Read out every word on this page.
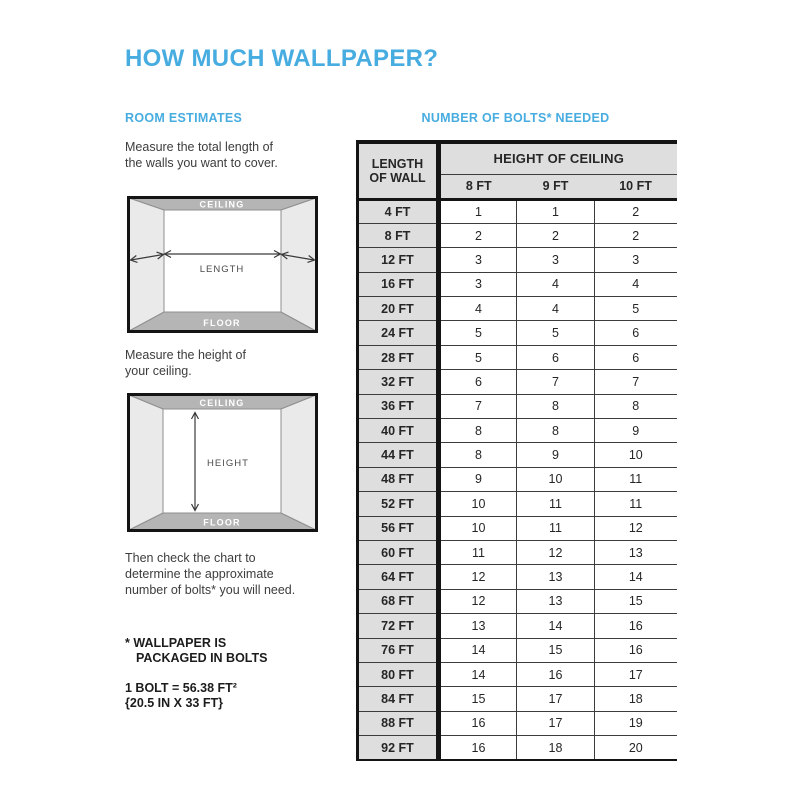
HOW MUCH WALLPAPER?
ROOM ESTIMATES	NUMBER OF BOLTS* NEEDED
Measure the total length of
the walls you want to cover.
CEILING
FLOOR
LENGTH
Measure the height of
your ceiling.
CEILING
FLOOR
HEIGHT
Then check the chart to
determine the approximate
number of bolts* you will need.
* WALLPAPER IS
PACKAGED IN BOLTS
1 BOLT = 56.38 FT²
{20.5 IN X 33 FT}
LENGTH
OF WALL	HEIGHT OF CEILING		
	8 FT	9 FT	10 FT
4 FT	1	1	2
8 FT	2	2	2
12 FT	3	3	3
16 FT	3	4	4
20 FT	4	4	5
24 FT	5	5	6
28 FT	5	6	6
32 FT	6	7	7
36 FT	7	8	8
40 FT	8	8	9
44 FT	8	9	10
48 FT	9	10	11
52 FT	10	11	11
56 FT	10	11	12
60 FT	11	12	13
64 FT	12	13	14
68 FT	12	13	15
72 FT	13	14	16
76 FT	14	15	16
80 FT	14	16	17
84 FT	15	17	18
88 FT	16	17	19
92 FT	16	18	20
